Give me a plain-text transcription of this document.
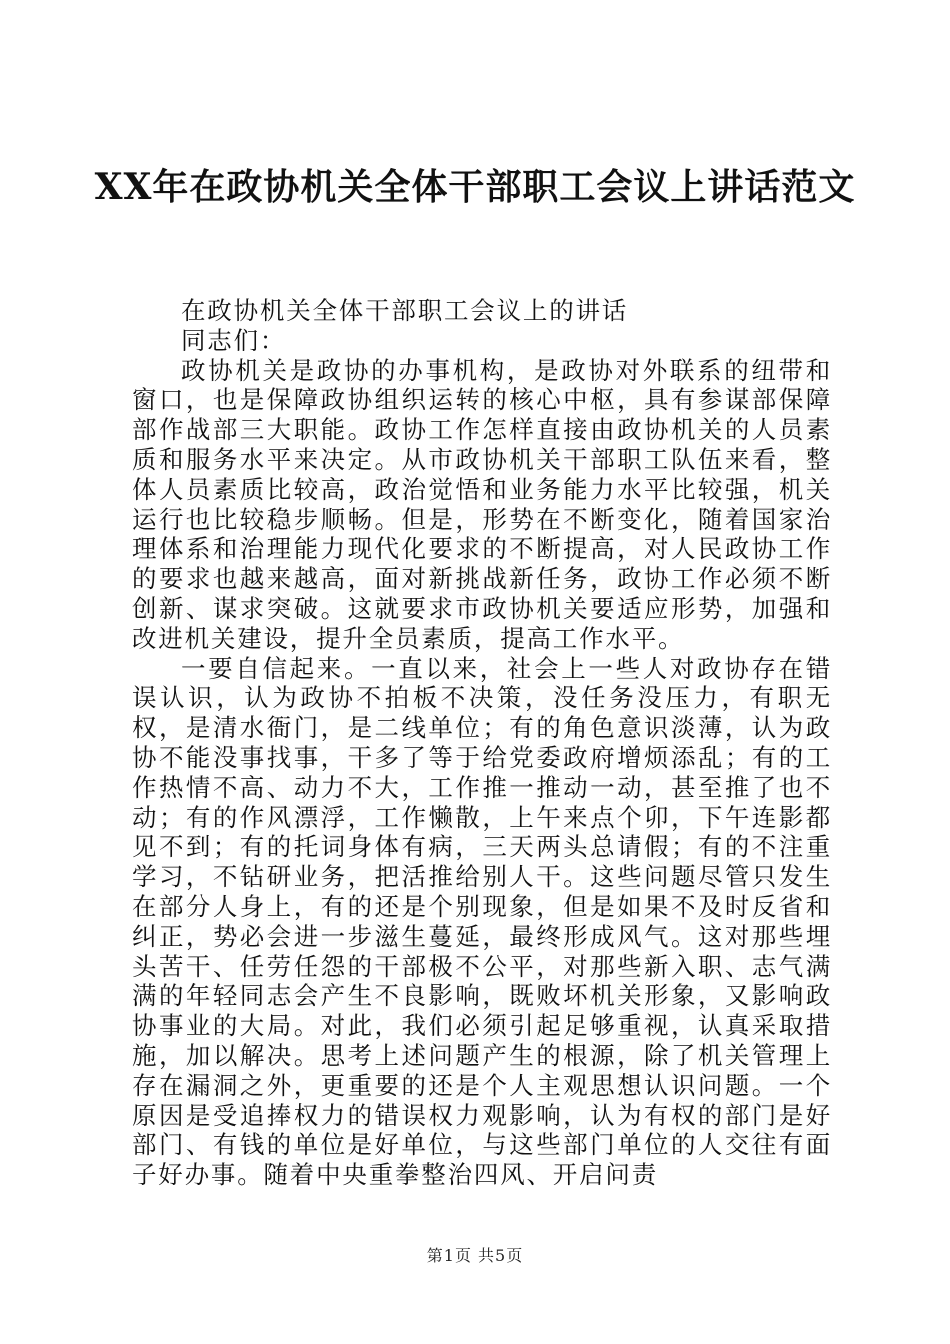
XX年在政协机关全体干部职工会议上讲话范文

在政协机关全体干部职工会议上的讲话

同志们：

政协机关是政协的办事机构，是政协对外联系的纽带和窗口，也是保障政协组织运转的核心中枢，具有参谋部保障部作战部三大职能。政协工作怎样直接由政协机关的人员素质和服务水平来决定。从市政协机关干部职工队伍来看，整体人员素质比较高，政治觉悟和业务能力水平比较强，机关运行也比较稳步顺畅。但是，形势在不断变化，随着国家治理体系和治理能力现代化要求的不断提高，对人民政协工作的要求也越来越高，面对新挑战新任务，政协工作必须不断创新、谋求突破。这就要求市政协机关要适应形势，加强和改进机关建设，提升全员素质，提高工作水平。

一要自信起来。一直以来，社会上一些人对政协存在错误认识，认为政协不拍板不决策，没任务没压力，有职无权，是清水衙门，是二线单位；有的角色意识淡薄，认为政协不能没事找事，干多了等于给党委政府增烦添乱；有的工作热情不高、动力不大，工作推一推动一动，甚至推了也不动；有的作风漂浮，工作懒散，上午来点个卯，下午连影都见不到；有的托词身体有病，三天两头总请假；有的不注重学习，不钻研业务，把活推给别人干。这些问题尽管只发生在部分人身上，有的还是个别现象，但是如果不及时反省和纠正，势必会进一步滋生蔓延，最终形成风气。这对那些埋头苦干、任劳任怨的干部极不公平，对那些新入职、志气满满的年轻同志会产生不良影响，既败坏机关形象，又影响政协事业的大局。对此，我们必须引起足够重视，认真采取措施，加以解决。思考上述问题产生的根源，除了机关管理上存在漏洞之外，更重要的还是个人主观思想认识问题。一个原因是受追捧权力的错误权力观影响，认为有权的部门是好部门、有钱的单位是好单位，与这些部门单位的人交往有面子好办事。随着中央重拳整治四风、开启问责

第1页 共5页
